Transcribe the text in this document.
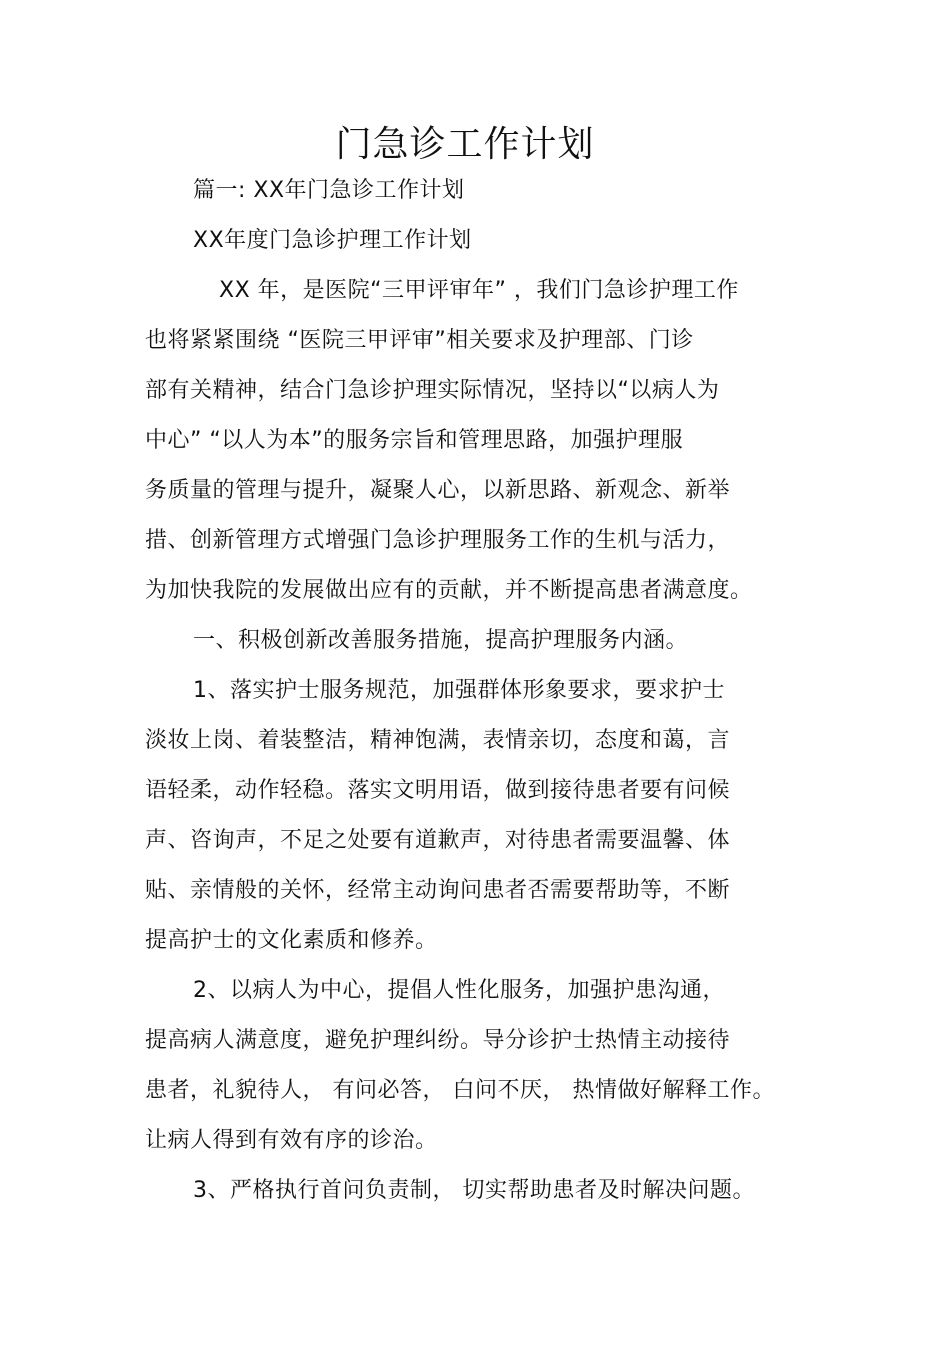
门急诊工作计划
篇一: XX年门急诊工作计划
XX年度门急诊护理工作计划
XX 年，是医院“三甲评审年” ，我们门急诊护理工作
也将紧紧围绕 “医院三甲评审”相关要求及护理部、门诊
部有关精神，结合门急诊护理实际情况，坚持以“以病人为
中心” “以人为本”的服务宗旨和管理思路，加强护理服
务质量的管理与提升，凝聚人心，以新思路、新观念、新举
措、创新管理方式增强门急诊护理服务工作的生机与活力，
为加快我院的发展做出应有的贡献，并不断提高患者满意度。
一、积极创新改善服务措施，提高护理服务内涵。
1、落实护士服务规范，加强群体形象要求，要求护士
淡妆上岗、着装整洁，精神饱满，表情亲切，态度和蔼，言
语轻柔，动作轻稳。落实文明用语，做到接待患者要有问候
声、咨询声，不足之处要有道歉声，对待患者需要温馨、体
贴、亲情般的关怀，经常主动询问患者否需要帮助等，不断
提高护士的文化素质和修养。
2、以病人为中心，提倡人性化服务，加强护患沟通，
提高病人满意度，避免护理纠纷。导分诊护士热情主动接待
患者，礼貌待人， 有问必答， 白问不厌， 热情做好解释工作。
让病人得到有效有序的诊治。
3、严格执行首问负责制， 切实帮助患者及时解决问题。
